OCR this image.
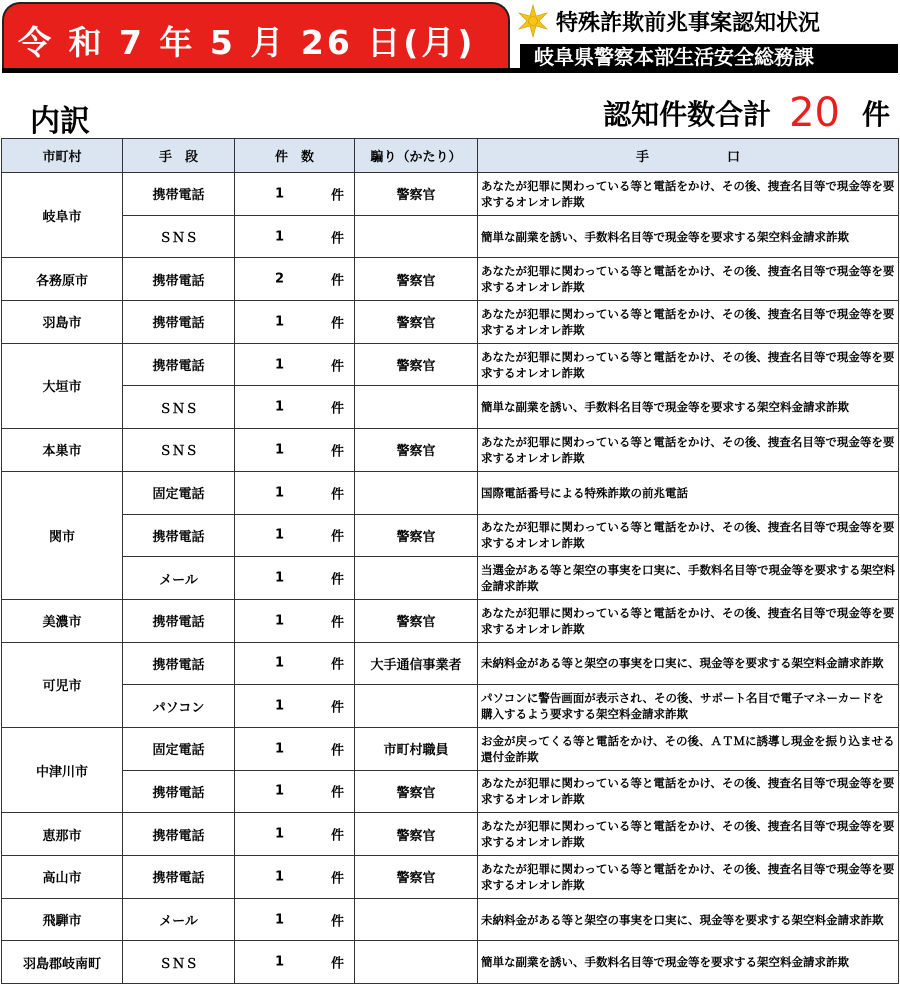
令 和 7 年 5 月 26 日(月)	特殊詐欺前兆事案認知状況
岐阜県警察本部生活安全総務課
内訳	認知件数合計 20 件
市町村	手　段	件　数	騙り（かたり）	手　　　　　　口
岐阜市	携帯電話	1 件	警察官	あなたが犯罪に関わっている等と電話をかけ、その後、捜査名目等で現金等を要求するオレオレ詐欺
	ＳＮＳ	1 件		簡単な副業を誘い、手数料名目等で現金等を要求する架空料金請求詐欺
各務原市	携帯電話	2 件	警察官	あなたが犯罪に関わっている等と電話をかけ、その後、捜査名目等で現金等を要求するオレオレ詐欺
羽島市	携帯電話	1 件	警察官	あなたが犯罪に関わっている等と電話をかけ、その後、捜査名目等で現金等を要求するオレオレ詐欺
大垣市	携帯電話	1 件	警察官	あなたが犯罪に関わっている等と電話をかけ、その後、捜査名目等で現金等を要求するオレオレ詐欺
	ＳＮＳ	1 件		簡単な副業を誘い、手数料名目等で現金等を要求する架空料金請求詐欺
本巣市	ＳＮＳ	1 件	警察官	あなたが犯罪に関わっている等と電話をかけ、その後、捜査名目等で現金等を要求するオレオレ詐欺
関市	固定電話	1 件		国際電話番号による特殊詐欺の前兆電話
	携帯電話	1 件	警察官	あなたが犯罪に関わっている等と電話をかけ、その後、捜査名目等で現金等を要求するオレオレ詐欺
	メール	1 件		当選金がある等と架空の事実を口実に、手数料名目等で現金等を要求する架空料金請求詐欺
美濃市	携帯電話	1 件	警察官	あなたが犯罪に関わっている等と電話をかけ、その後、捜査名目等で現金等を要求するオレオレ詐欺
可児市	携帯電話	1 件	大手通信事業者	未納料金がある等と架空の事実を口実に、現金等を要求する架空料金請求詐欺
	パソコン	1 件		パソコンに警告画面が表示され、その後、サポート名目で電子マネーカードを購入するよう要求する架空料金請求詐欺
中津川市	固定電話	1 件	市町村職員	お金が戻ってくる等と電話をかけ、その後、ＡＴＭに誘導し現金を振り込ませる還付金詐欺
	携帯電話	1 件	警察官	あなたが犯罪に関わっている等と電話をかけ、その後、捜査名目等で現金等を要求するオレオレ詐欺
恵那市	携帯電話	1 件	警察官	あなたが犯罪に関わっている等と電話をかけ、その後、捜査名目等で現金等を要求するオレオレ詐欺
高山市	携帯電話	1 件	警察官	あなたが犯罪に関わっている等と電話をかけ、その後、捜査名目等で現金等を要求するオレオレ詐欺
飛騨市	メール	1 件		未納料金がある等と架空の事実を口実に、現金等を要求する架空料金請求詐欺
羽島郡岐南町	ＳＮＳ	1 件		簡単な副業を誘い、手数料名目等で現金等を要求する架空料金請求詐欺
